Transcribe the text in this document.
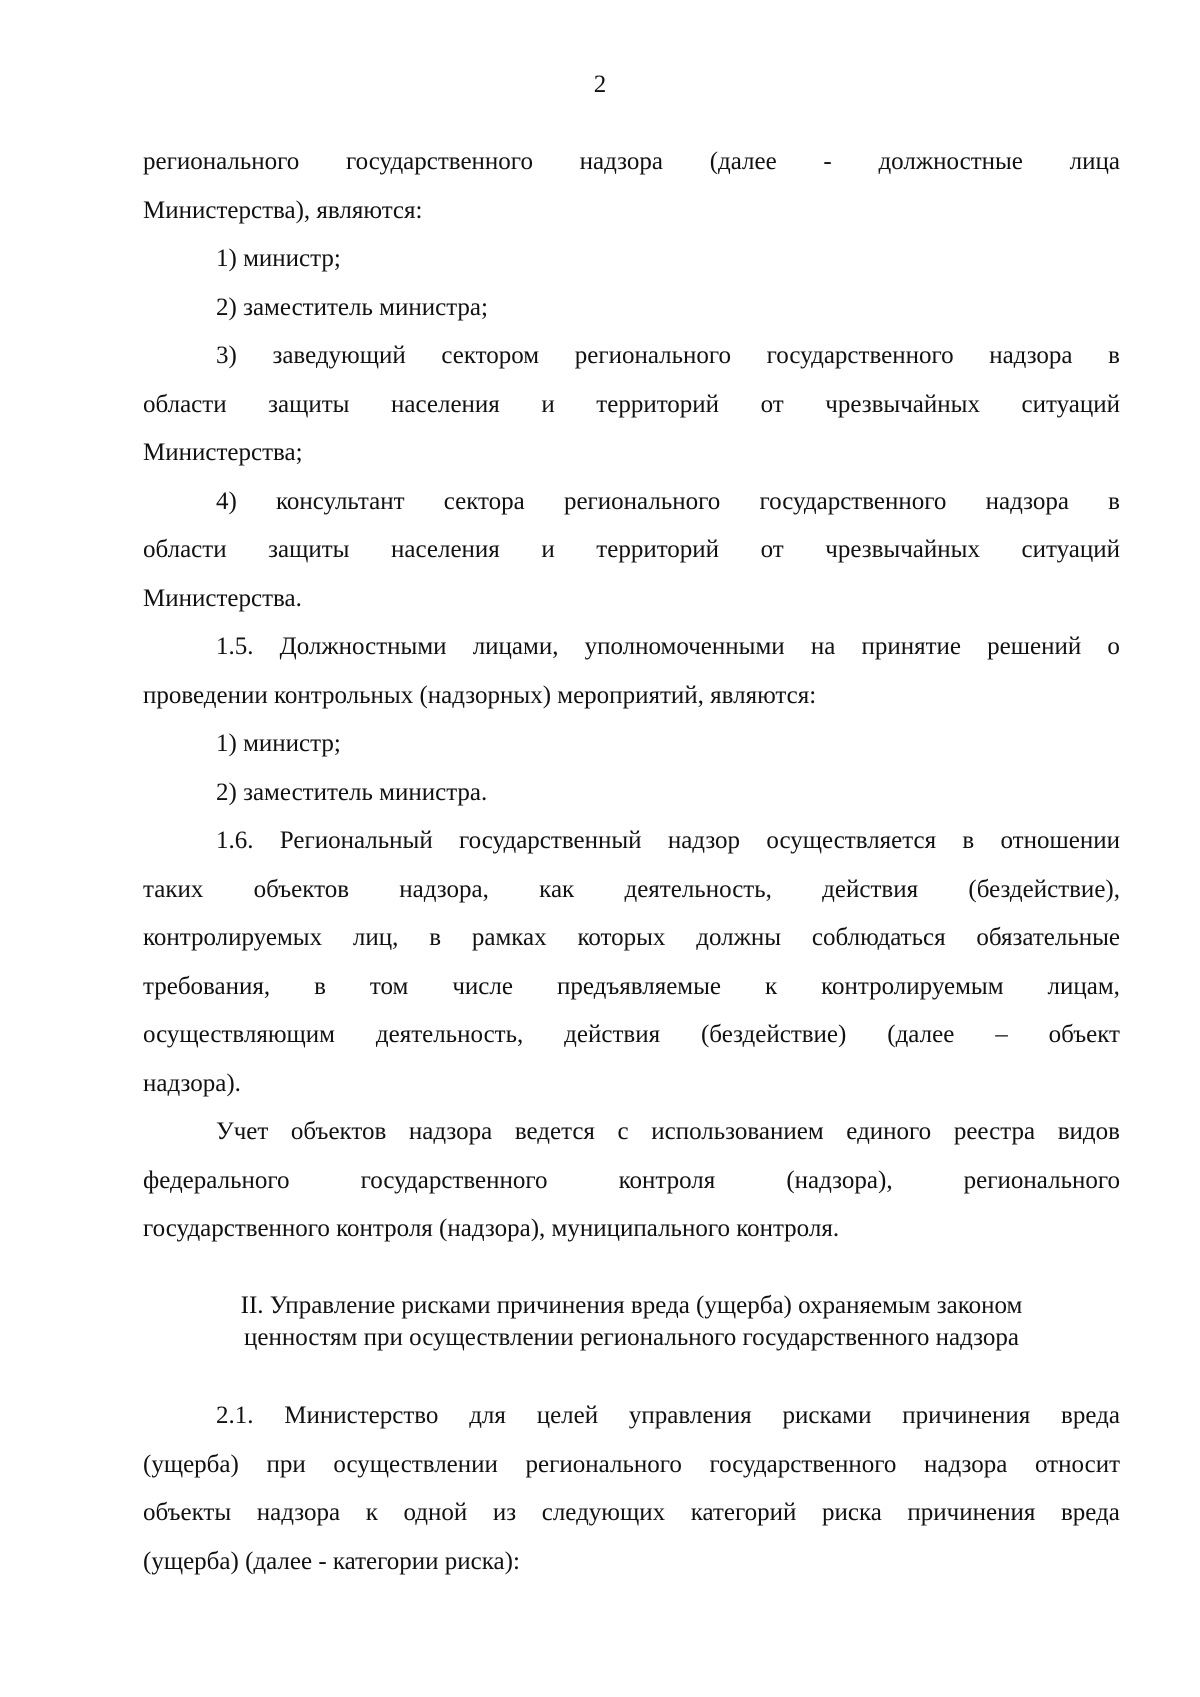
2
регионального государственного надзора (далее - должностные лица
Министерства), являются:
1) министр;
2) заместитель министра;
3) заведующий сектором регионального государственного надзора в
области защиты населения и территорий от чрезвычайных ситуаций
Министерства;
4) консультант сектора регионального государственного надзора в
области защиты населения и территорий от чрезвычайных ситуаций
Министерства.
1.5. Должностными лицами, уполномоченными на принятие решений о
проведении контрольных (надзорных) мероприятий, являются:
1) министр;
2) заместитель министра.
1.6. Региональный государственный надзор осуществляется в отношении
таких объектов надзора, как деятельность, действия (бездействие),
контролируемых лиц, в рамках которых должны соблюдаться обязательные
требования, в том числе предъявляемые к контролируемым лицам,
осуществляющим деятельность, действия (бездействие) (далее – объект
надзора).
Учет объектов надзора ведется с использованием единого реестра видов
федерального	государственного	контроля	(надзора),	регионального
государственного контроля (надзора), муниципального контроля.
II. Управление рисками причинения вреда (ущерба) охраняемым законом
ценностям при осуществлении регионального государственного надзора
2.1. Министерство для целей управления рисками причинения вреда
(ущерба) при осуществлении регионального государственного надзора относит
объекты надзора к одной из следующих категорий риска причинения вреда
(ущерба) (далее - категории риска):
